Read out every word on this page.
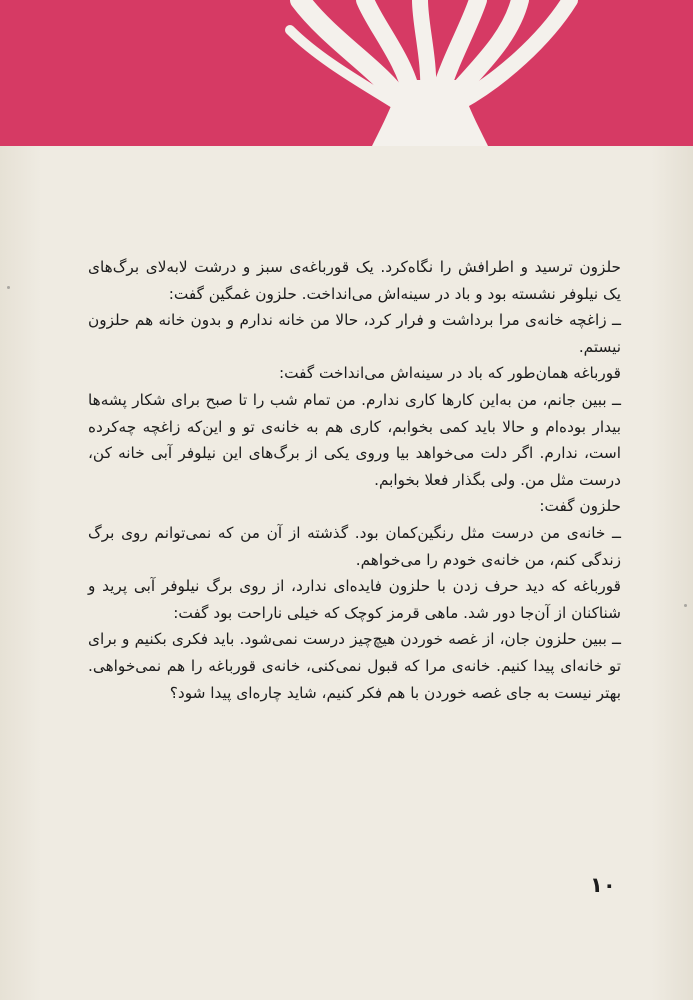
حلزون ترسید و اطرافش را نگاه‌کرد. یک قورباغه‌ی سبز و درشت لابه‌لای برگ‌های یک نیلوفر نشسته بود و باد در سینه‌اش می‌انداخت. حلزون غمگین گفت:

ــ زاغچه خانه‌ی مرا برداشت و فرار کرد، حالا من خانه ندارم و بدون خانه هم حلزون نیستم.

قورباغه همان‌طور که باد در سینه‌اش می‌انداخت گفت:

ــ ببین جانم، من به‌این کارها کاری ندارم. من تمام شب را تا صبح برای شکار پشه‌ها بیدار بوده‌ام و حالا باید کمی بخوابم، کاری هم به خانه‌ی تو و این‌که زاغچه چه‌کرده است، ندارم. اگر دلت می‌خواهد بیا وروی یکی از برگ‌های این نیلوفر آبی خانه کن، درست مثل من. ولی بگذار فعلا بخوابم.

حلزون گفت:

ــ خانه‌ی من درست مثل رنگین‌کمان بود. گذشته از آن من که نمی‌توانم روی برگ زندگی کنم، من خانه‌ی خودم را می‌خواهم.

قورباغه که دید حرف زدن با حلزون فایده‌ای ندارد، از روی برگ نیلوفر آبی پرید و شناکنان از آن‌جا دور شد. ماهی قرمز کوچک که خیلی ناراحت بود گفت:

ــ ببین حلزون جان، از غصه خوردن هیچ‌چیز درست نمی‌شود. باید فکری بکنیم و برای تو خانه‌ای پیدا کنیم. خانه‌ی مرا که قبول نمی‌کنی، خانه‌ی قورباغه را هم نمی‌خواهی. بهتر نیست به جای غصه خوردن با هم فکر کنیم، شاید چاره‌ای پیدا شود؟

۱۰
